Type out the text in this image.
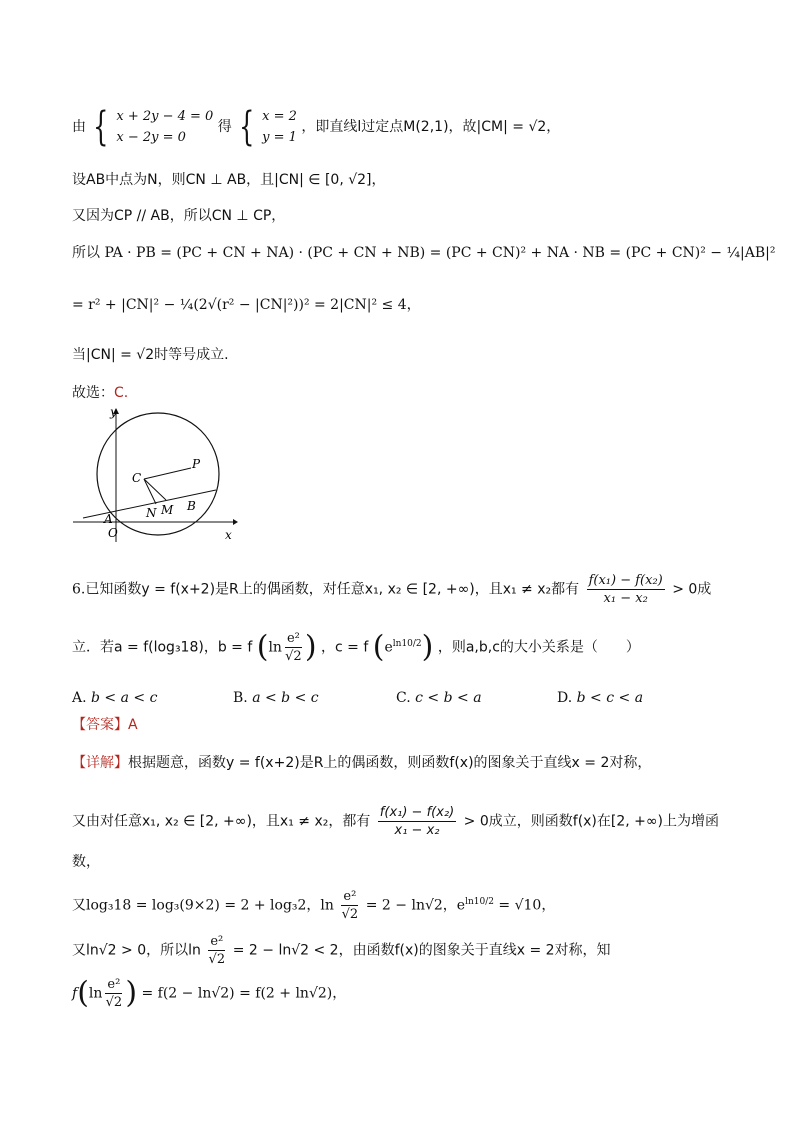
由 { x + 2y − 4 = 0
x − 2y = 0
得 { x = 2
y = 1
，即直线l过定点M(2,1)，故|CM| = √2，
设AB中点为N，则CN ⊥ AB，且|CN| ∈ [0, √2]，
又因为CP // AB，所以CN ⊥ CP，
所以 PA · PB = (PC + CN + NA) · (PC + CN + NB) = (PC + CN)² + NA · NB = (PC + CN)² − ¼|AB|²
= r² + |CN|² − ¼(2√(r² − |CN|²))² = 2|CN|² ≤ 4，
当|CN| = √2时等号成立.
故选：C.
y
x
O
A
B
C
P
N M
6.已知函数y = f(x+2)是R上的偶函数，对任意x₁, x₂ ∈ [2, +∞)，且x₁ ≠ x₂都有 $\frac{\text{f(x₁) − f(x₂)}}{\text{x₁ − x₂}} > 0$成
立．若a = f(log₃18)，b = f ($\ln \frac{\text{e²}}{√2}$ ) ，c = f $(e^{ln10/2})$ ，则a,b,c的大小关系是（　　）
A. b < a < c	B. a < b < c	C. c < b < a	D. b < c < a
【答案】A
【详解】根据题意，函数y = f(x+2)是R上的偶函数，则函数f(x)的图象关于直线x = 2对称，
又由对任意x₁, x₂ ∈ [2, +∞)，且x₁ ≠ x₂，都有 $\frac{\text{f(x₁) − f(x₂)}}{\text{x₁ − x₂}} > 0$成立，则函数f(x)在[2, +∞)上为增函
数，
又log₃18 = log₃(9×2) = 2 + log₃2，$\ln \frac{\text{e²}}{√2} = 2 - \ln√2$，$e^{ln10/2} = √10$，
又ln√2 > 0，所以$\ln \frac{\text{e²}}{√2} = 2 - \ln√2 < 2$，由函数f(x)的图象关于直线x = 2对称，知
$f(\ln \frac{\text{e²}}{√2}$ ) = f(2 − ln√2) = f(2 + ln√2)，
